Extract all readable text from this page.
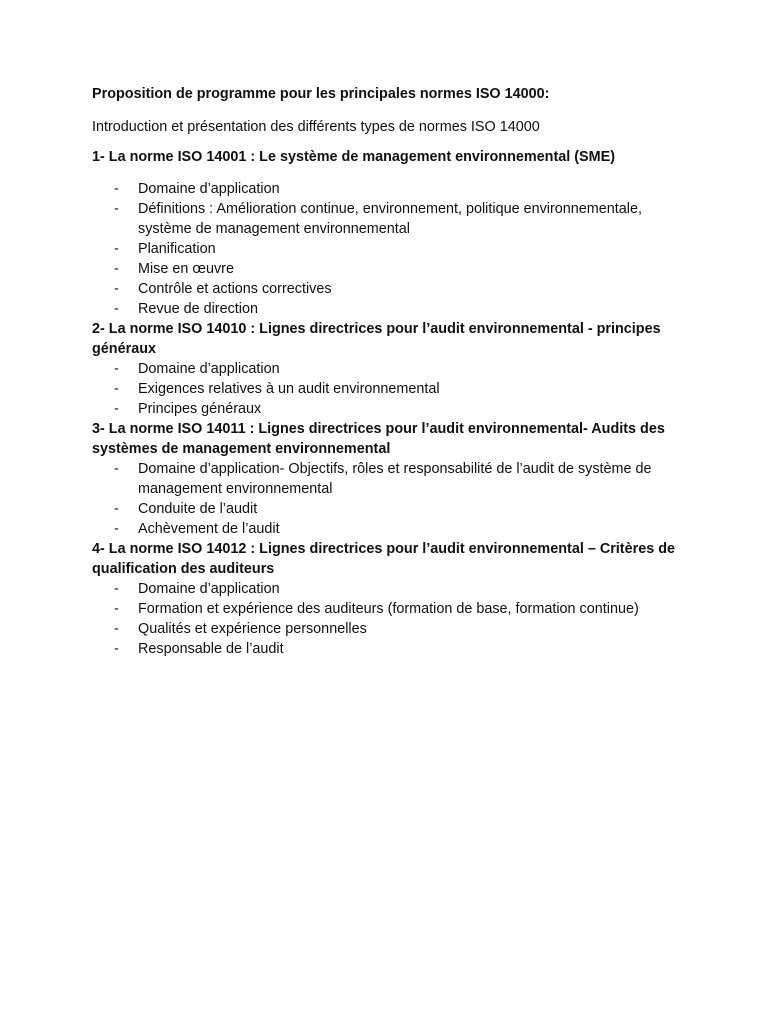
Proposition de programme pour les principales normes ISO 14000:
Introduction et présentation des différents types de normes ISO 14000
1- La norme ISO 14001 : Le système de management environnemental (SME)
- Domaine d’application
- Définitions : Amélioration continue, environnement, politique environnementale, système de management environnemental
- Planification
- Mise en œuvre
- Contrôle et actions correctives
- Revue de direction
2- La norme ISO 14010 : Lignes directrices pour l’audit environnemental - principes généraux
- Domaine d’application
- Exigences relatives à un audit environnemental
- Principes généraux
3- La norme ISO 14011 : Lignes directrices pour l’audit environnemental- Audits des systèmes de management environnemental
- Domaine d’application- Objectifs, rôles et responsabilité de l’audit de système de management environnemental
- Conduite de l’audit
- Achèvement de l’audit
4- La norme ISO 14012 : Lignes directrices pour l’audit environnemental – Critères de qualification des auditeurs
- Domaine d’application
- Formation et expérience des auditeurs (formation de base, formation continue)
- Qualités et expérience personnelles
- Responsable de l’audit
